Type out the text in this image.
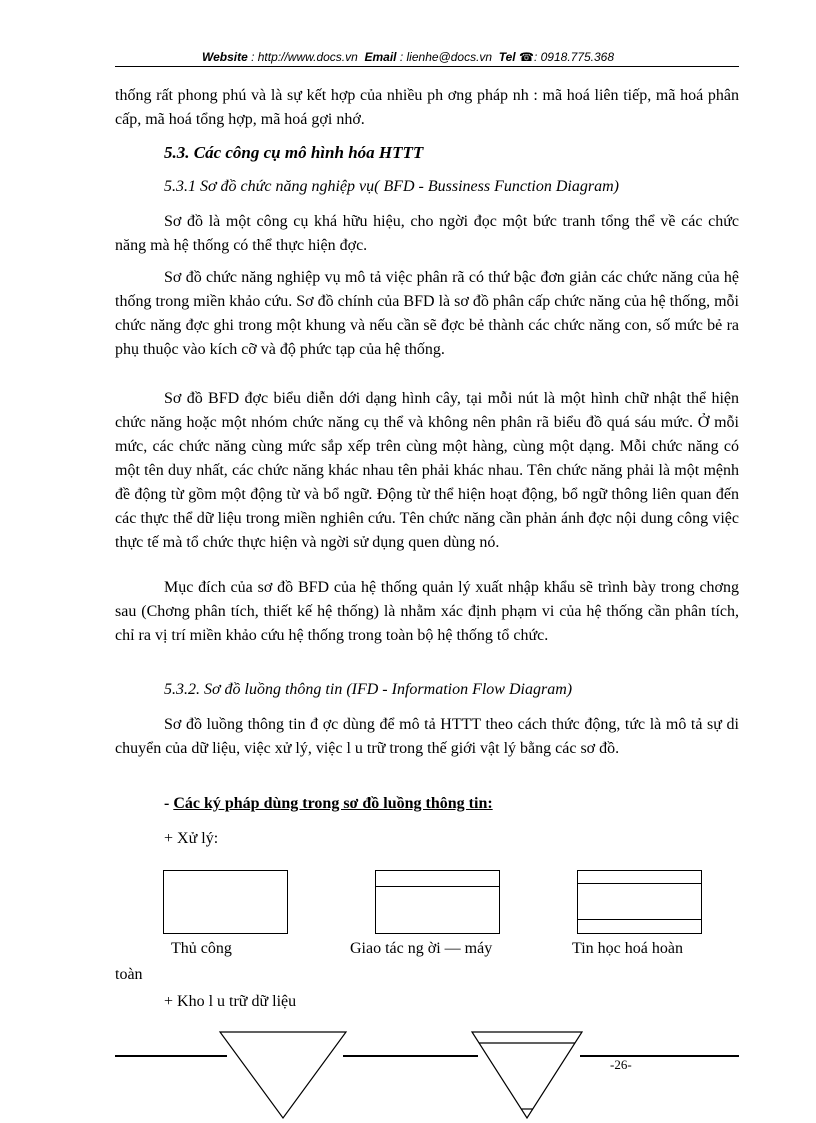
Website : http://www.docs.vn Email : lienhe@docs.vn Tel ☎: 0918.775.368

thống rất phong phú và là sự kết hợp của nhiều ph ơng pháp nh : mã hoá liên tiếp, mã hoá phân cấp, mã hoá tổng hợp, mã hoá gợi nhớ.

5.3. Các công cụ mô hình hóa HTTT
5.3.1 Sơ đồ chức năng nghiệp vụ( BFD - Bussiness Function Diagram)

Sơ đồ là một công cụ khá hữu hiệu, cho ngời đọc một bức tranh tổng thể về các chức năng mà hệ thống có thể thực hiện đợc.

Sơ đồ chức năng nghiệp vụ mô tả việc phân rã có thứ bậc đơn giản các chức năng của hệ thống trong miền khảo cứu. Sơ đồ chính của BFD là sơ đồ phân cấp chức năng của hệ thống, mỗi chức năng đợc ghi trong một khung và nếu cần sẽ đợc bẻ thành các chức năng con, số mức bẻ ra phụ thuộc vào kích cỡ và độ phức tạp của hệ thống.

Sơ đồ BFD đợc biểu diễn dới dạng hình cây, tại mỗi nút là một hình chữ nhật thể hiện chức năng hoặc một nhóm chức năng cụ thể và không nên phân rã biểu đồ quá sáu mức. Ở mỗi mức, các chức năng cùng mức sắp xếp trên cùng một hàng, cùng một dạng. Mỗi chức năng có một tên duy nhất, các chức năng khác nhau tên phải khác nhau. Tên chức năng phải là một mệnh đề động từ gồm một động từ và bổ ngữ. Động từ thể hiện hoạt động, bổ ngữ thông liên quan đến các thực thể dữ liệu trong miền nghiên cứu. Tên chức năng cần phản ánh đợc nội dung công việc thực tế mà tổ chức thực hiện và ngời sử dụng quen dùng nó.

Mục đích của sơ đồ BFD của hệ thống quản lý xuất nhập khẩu sẽ trình bày trong chơng sau (Chơng phân tích, thiết kế hệ thống) là nhằm xác định phạm vi của hệ thống cần phân tích, chỉ ra vị trí miền khảo cứu hệ thống trong toàn bộ hệ thống tổ chức.

5.3.2. Sơ đồ luồng thông tin (IFD - Information Flow Diagram)

Sơ đồ luồng thông tin đ ợc dùng để mô tả HTTT theo cách thức động, tức là mô tả sự di chuyển của dữ liệu, việc xử lý, việc l u trữ trong thế giới vật lý bằng các sơ đồ.

- Các ký pháp dùng trong sơ đồ luồng thông tin:
+ Xử lý:
Thủ công	Giao tác ng ời — máy	Tin học hoá hoàn
toàn
+ Kho l u trữ dữ liệu
-26-
